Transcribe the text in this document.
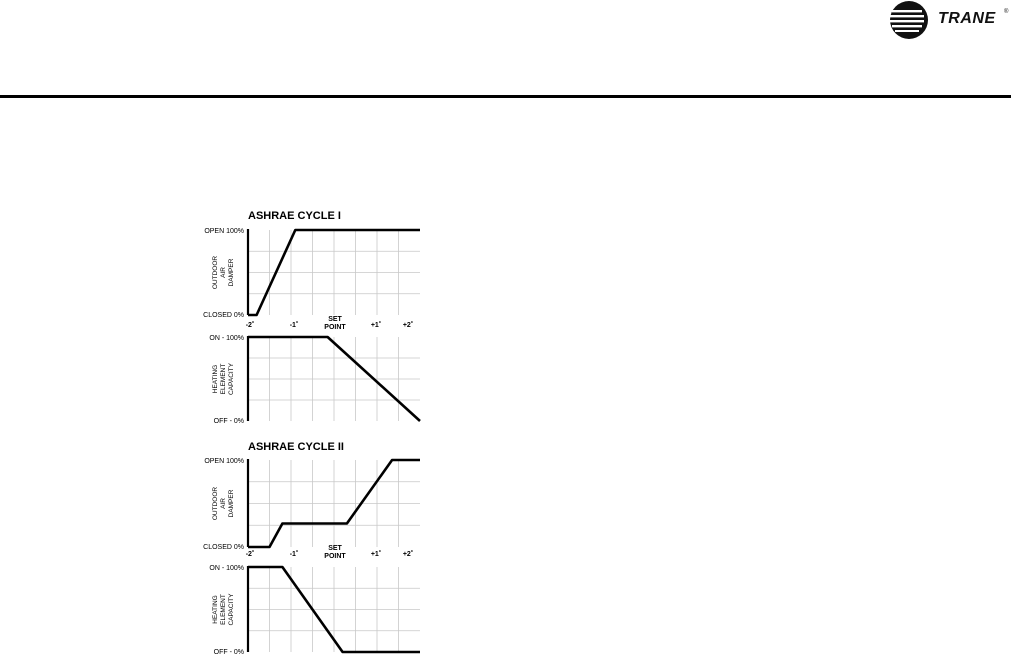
TRANE ®
ASHRAE CYCLE I
OPEN 100%
CLOSED 0%
OUTDOOR AIR DAMPER
ON - 100%
OFF - 0%
HEATING ELEMENT CAPACITY
-2˚	-1˚
SET
POINT	+1˚	+2˚
ASHRAE CYCLE II
OPEN 100%
CLOSED 0%
OUTDOOR AIR DAMPER
ON - 100%
OFF - 0%
HEATING ELEMENT CAPACITY
-2˚	-1˚
SET
POINT	+1˚	+2˚
